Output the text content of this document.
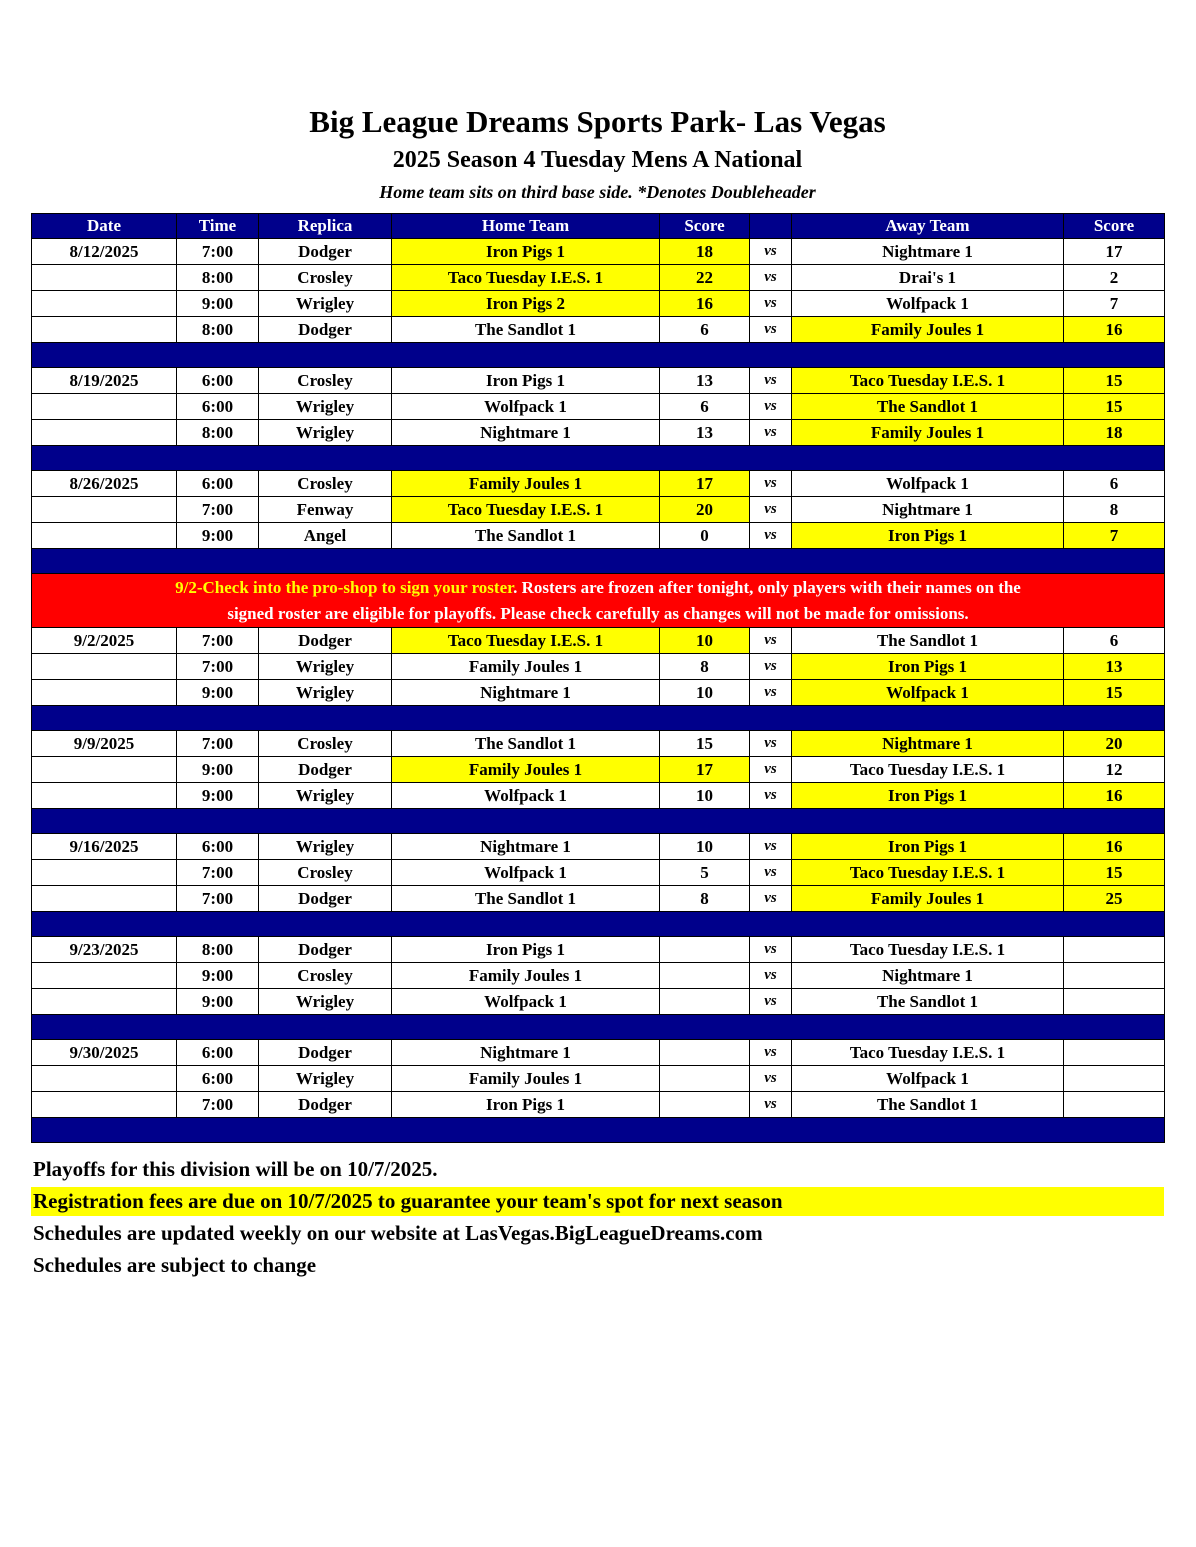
Big League Dreams Sports Park- Las Vegas
2025 Season 4 Tuesday Mens A National
Home team sits on third base side. *Denotes Doubleheader
Date	Time	Replica	Home Team	Score		Away Team	Score
8/12/2025	7:00	Dodger	Iron Pigs 1	18	vs	Nightmare 1	17
	8:00	Crosley	Taco Tuesday I.E.S. 1	22	vs	Drai's 1	2
	9:00	Wrigley	Iron Pigs 2	16	vs	Wolfpack 1	7
	8:00	Dodger	The Sandlot 1	6	vs	Family Joules 1	16

8/19/2025	6:00	Crosley	Iron Pigs 1	13	vs	Taco Tuesday I.E.S. 1	15
	6:00	Wrigley	Wolfpack 1	6	vs	The Sandlot 1	15
	8:00	Wrigley	Nightmare 1	13	vs	Family Joules 1	18

8/26/2025	6:00	Crosley	Family Joules 1	17	vs	Wolfpack 1	6
	7:00	Fenway	Taco Tuesday I.E.S. 1	20	vs	Nightmare 1	8
	9:00	Angel	The Sandlot 1	0	vs	Iron Pigs 1	7

9/2-Check into the pro-shop to sign your roster. Rosters are frozen after tonight, only players with their names on the
signed roster are eligible for playoffs. Please check carefully as changes will not be made for omissions.							

9/2/2025	7:00	Dodger	Taco Tuesday I.E.S. 1	10	vs	The Sandlot 1	6
	7:00	Wrigley	Family Joules 1	8	vs	Iron Pigs 1	13
	9:00	Wrigley	Nightmare 1	10	vs	Wolfpack 1	15

9/9/2025	7:00	Crosley	The Sandlot 1	15	vs	Nightmare 1	20
	9:00	Dodger	Family Joules 1	17	vs	Taco Tuesday I.E.S. 1	12
	9:00	Wrigley	Wolfpack 1	10	vs	Iron Pigs 1	16

9/16/2025	6:00	Wrigley	Nightmare 1	10	vs	Iron Pigs 1	16
	7:00	Crosley	Wolfpack 1	5	vs	Taco Tuesday I.E.S. 1	15
	7:00	Dodger	The Sandlot 1	8	vs	Family Joules 1	25

9/23/2025	8:00	Dodger	Iron Pigs 1		vs	Taco Tuesday I.E.S. 1	
	9:00	Crosley	Family Joules 1		vs	Nightmare 1	
	9:00	Wrigley	Wolfpack 1		vs	The Sandlot 1	

9/30/2025	6:00	Dodger	Nightmare 1		vs	Taco Tuesday I.E.S. 1	
	6:00	Wrigley	Family Joules 1		vs	Wolfpack 1	
	7:00	Dodger	Iron Pigs 1		vs	The Sandlot 1	

Playoffs for this division will be on 10/7/2025.
Registration fees are due on 10/7/2025 to guarantee your team's spot for next season
Schedules are updated weekly on our website at LasVegas.BigLeagueDreams.com
Schedules are subject to change
